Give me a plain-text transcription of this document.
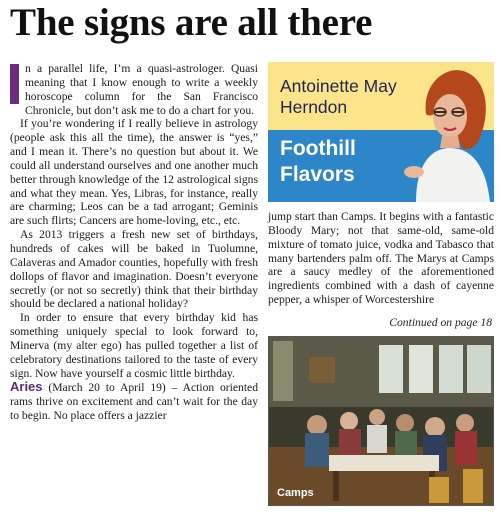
The signs are all there

n a parallel life, I’m a quasi-astrologer. Quasi meaning that I know enough to write a weekly horoscope column for the San Francisco Chronicle, but don’t ask me to do a chart for you.

If you’re wondering if I really believe in astrology (people ask this all the time), the answer is “yes,” and I mean it. There’s no question but about it. We could all understand ourselves and one another much better through knowledge of the 12 astrological signs and what they mean. Yes, Libras, for instance, really are charming; Leos can be a tad arrogant; Geminis are such flirts; Cancers are home-loving, etc., etc.

As 2013 triggers a fresh new set of birthdays, hundreds of cakes will be baked in Tuolumne, Calaveras and Amador counties, hopefully with fresh dollops of flavor and imagination. Doesn’t everyone secretly (or not so secretly) think that their birthday should be declared a national holiday?

In order to ensure that every birthday kid has something uniquely special to look forward to, Minerva (my alter ego) has pulled together a list of celebratory destinations tailored to the taste of every sign. Now have yourself a cosmic little birthday.

Aries (March 20 to April 19) – Action oriented rams thrive on excitement and can’t wait for the day to begin. No place offers a jazzier

Antoinette May Herndon
Foothill Flavors
jump start than Camps. It begins with a fantastic Bloody Mary; not that same-old, same-old mixture of tomato juice, vodka and Tabasco that many bartenders palm off. The Marys at Camps are a saucy medley of the aforementioned ingredients combined with a dash of cayenne pepper, a whisper of Worcestershire
Continued on page 18
Camps
